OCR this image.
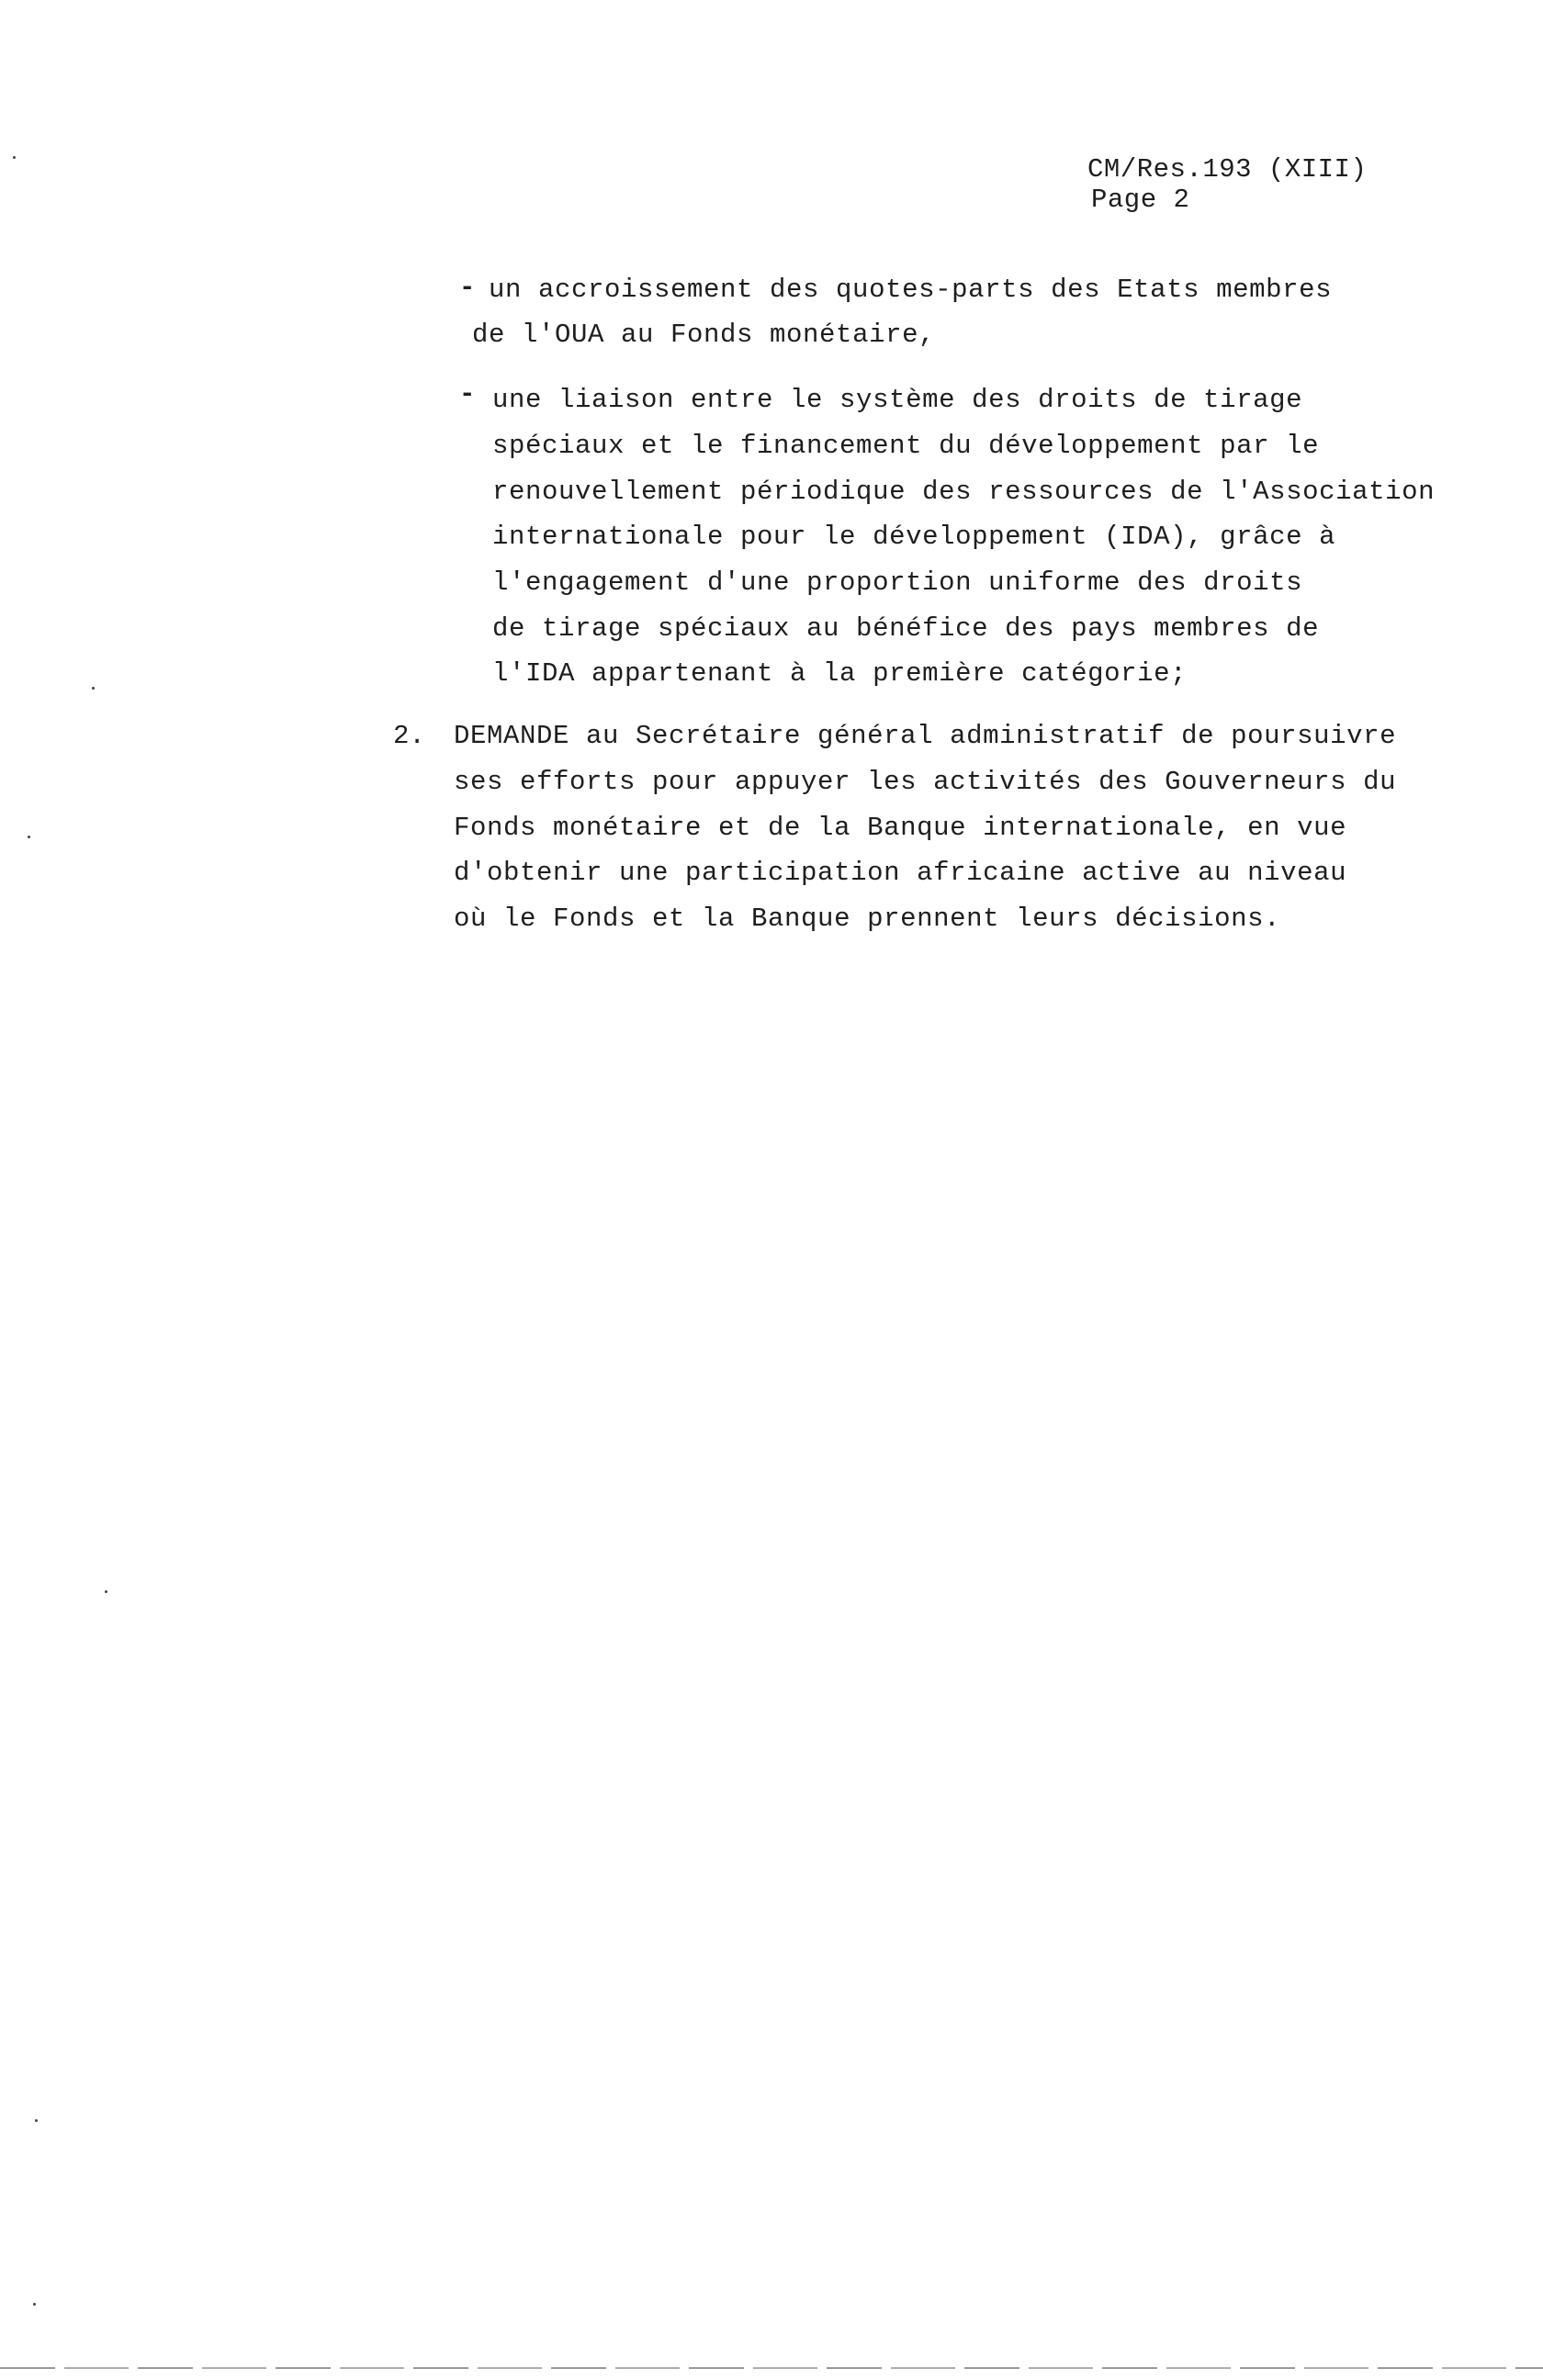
CM/Res.193 (XIII)
Page 2
- un accroissement des quotes-parts des Etats membres
de l'OUA au Fonds monétaire,
- une liaison entre le système des droits de tirage
spéciaux et le financement du développement par le
renouvellement périodique des ressources de l'Association
internationale pour le développement (IDA), grâce à
l'engagement d'une proportion uniforme des droits
de tirage spéciaux au bénéfice des pays membres de
l'IDA appartenant à la première catégorie;
2. DEMANDE au Secrétaire général administratif de poursuivre
ses efforts pour appuyer les activités des Gouverneurs du
Fonds monétaire et de la Banque internationale, en vue
d'obtenir une participation africaine active au niveau
où le Fonds et la Banque prennent leurs décisions.
